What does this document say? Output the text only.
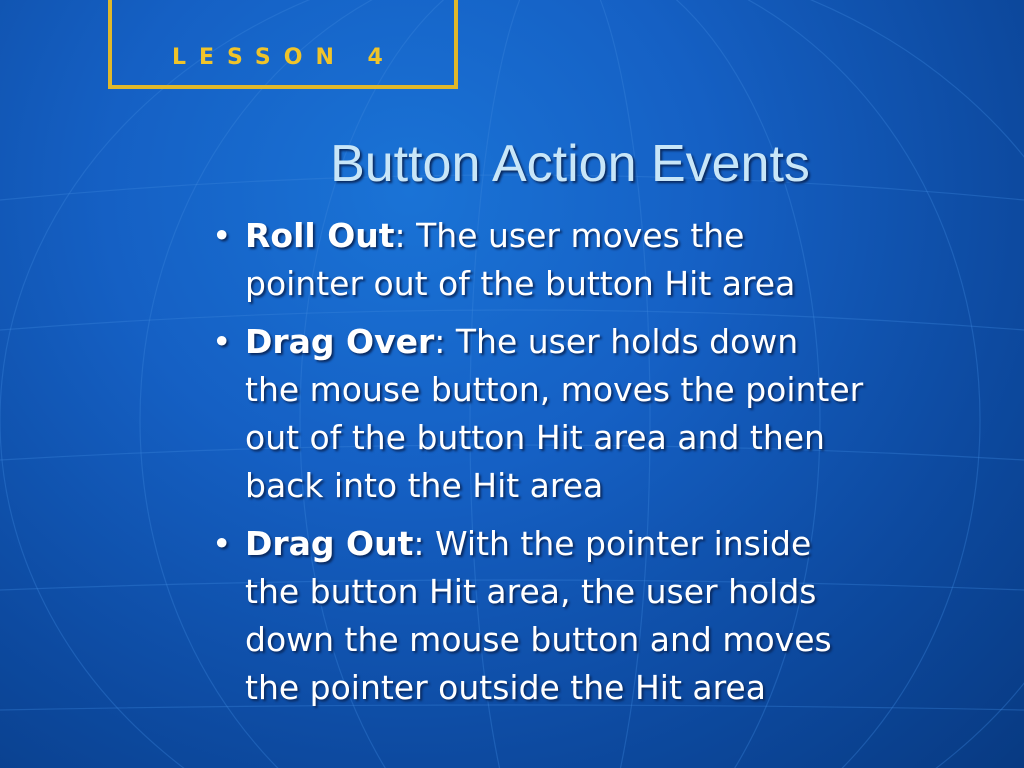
LESSON 4
Button Action Events
• Roll Out: The user moves the
pointer out of the button Hit area
• Drag Over: The user holds down
the mouse button, moves the pointer
out of the button Hit area and then
back into the Hit area
• Drag Out: With the pointer inside
the button Hit area, the user holds
down the mouse button and moves
the pointer outside the Hit area
